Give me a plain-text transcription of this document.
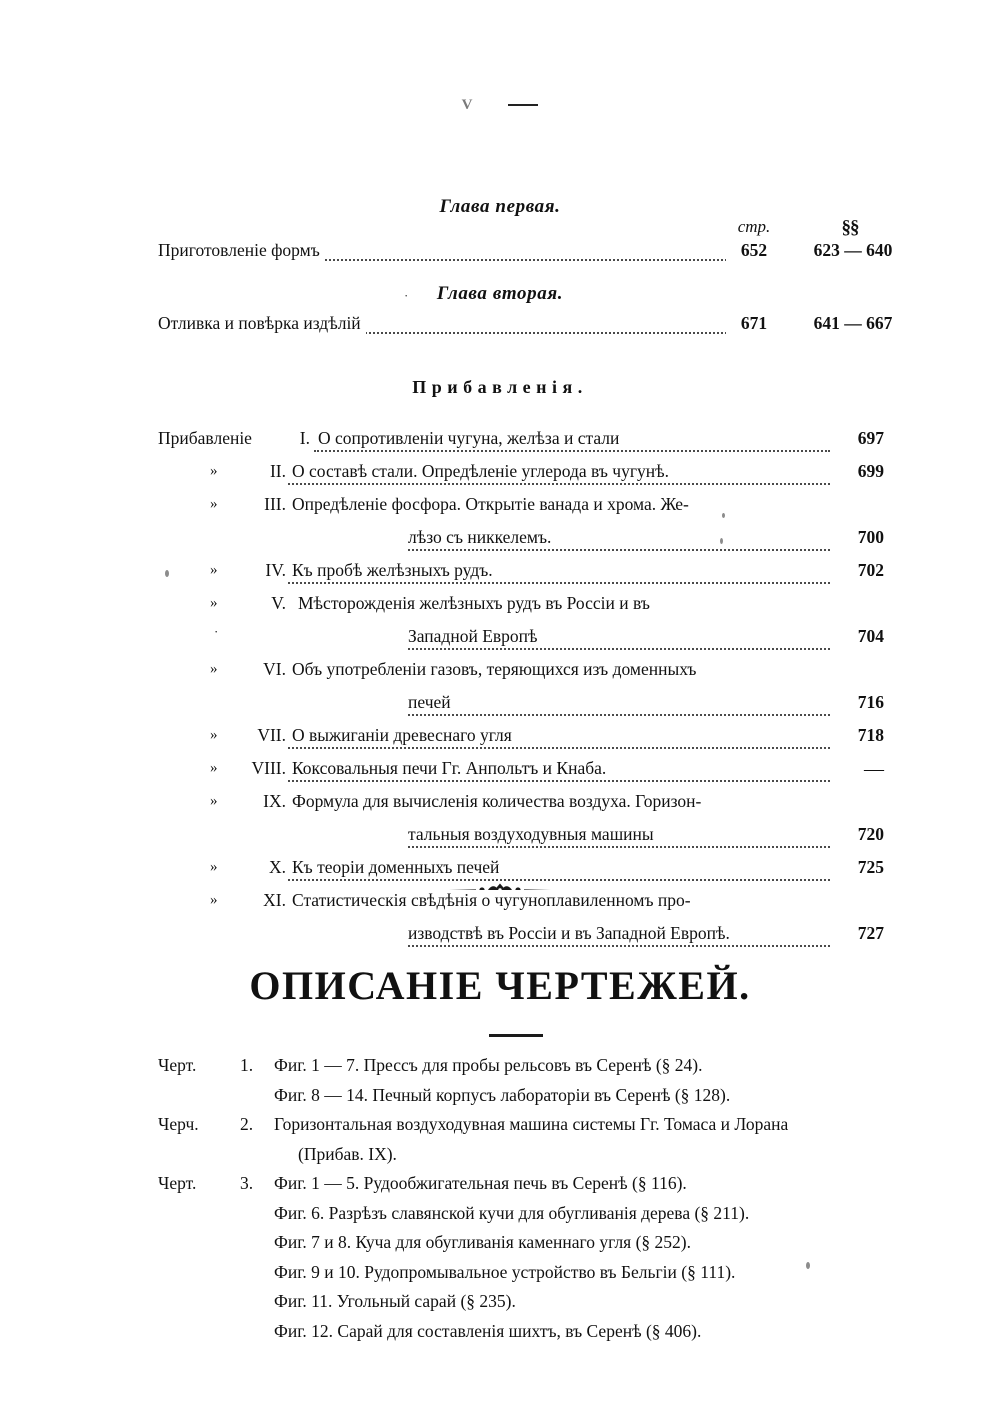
V
Глава первая.
стр.	§§
Приготовленіе формъ	652	623 — 640
·	Глава вторая.
Отливка и повѣрка издѣлій	671	641 — 667
Прибавленія.
Прибавленіе	I. О сопротивленіи чугуна, желѣза и стали	697
»	II. О составѣ стали. Опредѣленіе углерода въ чугунѣ.	699
»	III. Опредѣленіе фосфора. Открытіе ванада и хрома. Же-
лѣзо съ никкелемъ.	700
»	IV. Къ пробѣ желѣзныхъ рудъ.	702
»	V. Мѣсторожденія желѣзныхъ рудъ въ Россіи и въ
·	Западной Европѣ	704
»	VI. Объ употребленіи газовъ, теряющихся изъ доменныхъ
печей	716
»	VII. О выжиганіи древеснаго угля	718
»	VIII. Коксовальныя печи Гг. Анпольтъ и Кнаба.	—
»	IX. Формула для вычисленія количества воздуха. Горизон-
тальныя воздуходувныя машины	720
»	X. Къ теоріи доменныхъ печей	725
»	XI. Статистическія свѣдѣнія о чугуноплавиленномъ про-
изводствѣ въ Россіи и въ Западной Европѣ.	727
ОПИСАНІЕ ЧЕРТЕЖЕЙ.
Черт. 1. Фиг. 1 — 7. Прессъ для пробы рельсовъ въ Серенѣ (§ 24).
Фиг. 8 — 14. Печный корпусъ лабораторіи въ Серенѣ (§ 128).
Черч. 2. Горизонтальная воздуходувная машина системы Гг. Томаса и Лорана
(Прибав. IX).
Черт. 3. Фиг. 1 — 5. Рудообжигательная печь въ Серенѣ (§ 116).
Фиг. 6. Разрѣзъ славянской кучи для обугливанія дерева (§ 211).
Фиг. 7 и 8. Куча для обугливанія каменнаго угля (§ 252).
Фиг. 9 и 10. Рудопромывальное устройство въ Бельгіи (§ 111).
Фиг. 11. Угольный сарай (§ 235).
Фиг. 12. Сарай для составленія шихтъ, въ Серенѣ (§ 406).
